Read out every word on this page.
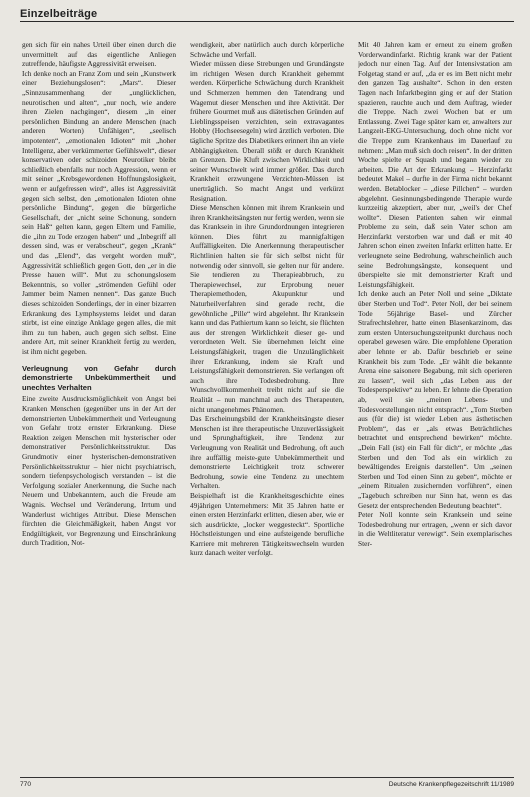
Einzelbeiträge

gen sich für ein nahes Urteil über einen durch die unvermittelt auf das eigentliche Anliegen zutreffende, häufigste Aggressivität erweisen.

Ich denke noch an Franz Zorn und sein „Kunstwerk einer Beziehungslosen“: „Mars“. Dieser „Sinnzusammenhang der „unglücklichen, neurotischen und alten“, „nur noch, wie andere ihren Zielen nachgingen“, diesem „in einer persönlichen Bindung an andere Menschen (nach anderen Worten) Unfähigen“, „seelisch impotenten“, „emotionalen Idioten“ mit „hoher Intelligenz, aber verkümmerter Gefühlswelt“, dieser konservativen oder schizoiden Neurotiker bleibt schließlich ebenfalls nur noch Aggression, wenn er mit seiner „Krebsgewordenen Hoffnungslosigkeit, wenn er aufgefressen wird“, alles ist Aggressivität gegen sich selbst, den „emotionalen Idioten ohne persönliche Bindung“, gegen die bürgerliche Gesellschaft, der „nicht seine Schonung, sondern sein Haß“ gelten kann, gegen Eltern und Familie, die „ihn zu Tode erzogen haben“ und „Inbegriff all dessen sind, was er verabscheut“, gegen „Krank“ und das „Elend“, das vergeht worden muß“, Aggressivität schließlich gegen Gott, den „er in die Presse hauen will“. Mut zu schonungslosem Bekenntnis, so voller „strömenden Gefühl oder Jammer beim Namen nennen“. Das ganze Buch dieses schizoiden Sonderlings, der in einer bizarren Erkrankung des Lymphsystems leidet und daran stirbt, ist eine einzige Anklage gegen alles, die mit ihm zu tun haben, auch gegen sich selbst. Eine andere Art, mit seiner Krankheit fertig zu werden, ist ihm nicht gegeben.

Verleugnung von Gefahr durch demonstrierte Unbekümmertheit und unechtes Verhalten

Eine zweite Ausdrucksmöglichkeit von Angst bei Kranken Menschen (gegenüber uns in der Art der demonstrierten Unbekümmertheit und Verleugnung von Gefahr trotz ernster Erkrankung. Diese Reaktion zeigen Menschen mit hysterischer oder demonstrativer Persönlichkeitsstruktur. Das Grundmotiv einer hysterischen-demonstrativen Persönlichkeitsstruktur – hier nicht psychiatrisch, sondern tiefenpsychologisch verstanden – ist die Verfolgung sozialer Anerkennung, die Suche nach Neuem und Unbekanntem, auch die Freude am Wagnis. Wechsel und Veränderung, Irrtum und Wanderlust wichtiges Attribut. Diese Menschen fürchten die Gleichmäßigkeit, haben Angst vor Endgültigkeit, vor Begrenzung und Einschränkung durch Tradition, Not-

wendigkeit, aber natürlich auch durch körperliche Schwäche und Verfall.

Wieder müssen diese Strebungen und Grundängste im richtigen Wesen durch Krankheit gehemmt werden. Körperliche Schwächung durch Krankheit und Schmerzen hemmen den Tatendrang und Wagemut dieser Menschen und ihre Aktivität. Der frühere Gourmet muß aus diätetischen Gründen auf Lieblingsspeisen verzichten, sein extravagantes Hobby (Hochseesegeln) wird ärztlich verboten. Die tägliche Spritze des Diabetikers erinnert ihn an viele Abhängigkeiten. Überall stößt er durch Krankheit an Grenzen. Die Kluft zwischen Wirklichkeit und seiner Wunschwelt wird immer größer. Das durch Krankheit erzwungene Verzichten-Müssen ist unerträglich. So macht Angst und verkürzt Resignation.

Diese Menschen können mit ihrem Kranksein und ihren Krankheitsängsten nur fertig werden, wenn sie das Kranksein in ihre Grundordnungen integrieren können. Dies führt zu mannigfaltigen Auffälligkeiten. Die Anerkennung therapeutischer Richtlinien halten sie für sich selbst nicht für notwendig oder sinnvoll, sie gelten nur für andere. Sie tendieren zu Therapieabbruch, zu Therapiewechsel, zur Erprobung neuer Therapiemethoden, Akupunktur und Naturheilverfahren sind gerade recht, die gewöhnliche „Pille“ wird abgelehnt. Ihr Kranksein kann und das Pathiertum kann so leicht, sie flüchten aus der strengen Wirklichkeit dieser ge- und verordneten Welt. Sie übernehmen leicht eine Leistungsfähigkeit, tragen die Unzulänglichkeit ihrer Erkrankung, indem sie Kraft und Leistungsfähigkeit demonstrieren. Sie verlangen oft auch ihre Todesbedrohung. Ihre Wunschvollkommenheit treibt nicht auf sie die Realität – nun manchmal auch des Therapeuten, nicht unangenehmes Phänomen.

Das Erscheinungsbild der Krankheitsängste dieser Menschen ist ihre therapeutische Unzuverlässigkeit und Sprunghaftigkeit, ihre Tendenz zur Verleugnung von Realität und Bedrohung, oft auch ihre auffällig meiste-gute Unbekümmertheit und demonstrierte Leichtigkeit trotz schwerer Bedrohung, sowie eine Tendenz zu unechtem Verhalten.

Beispielhaft ist die Krankheitsgeschichte eines 49jährigen Unternehmers: Mit 35 Jahren hatte er einen ersten Herzinfarkt erlitten, diesen aber, wie er sich ausdrückte, „locker weggesteckt“. Sportliche Höchstleistungen und eine aufsteigende berufliche Karriere mit mehreren Tätigkeitswechseln wurden kurz danach weiter verfolgt.

Mit 40 Jahren kam er erneut zu einem großen Vorderwandinfarkt. Richtig krank war der Patient jedoch nur einen Tag. Auf der Intensivstation am Folgetag stand er auf, „da er es im Bett nicht mehr den ganzen Tag aushalte“. Schon in den ersten Tagen nach Infarktbeginn ging er auf der Station spazieren, rauchte auch und dem Auftrag, wieder die Treppe. Nach zwei Wochen bat er um Entlassung. Zwei Tage später kam er, anwalters zur Langzeit-EKG-Untersuchung, doch ohne nicht vor die Treppe zum Krankenhaus im Dauerlauf zu nehmen: „Man muß sich doch reisen“. In der dritten Woche spielte er Squash und begann wieder zu arbeiten. Die Art der Erkrankung – Herzinfarkt bedeutet Makel – durfte in der Firma nicht bekannt werden. Betablocker – „diese Pillchen“ – wurden abgelehnt. Gesinnungsbedingende Therapie wurde kurzzeitig akzeptiert, aber nur, „weil's der Chef wollte“. Diesen Patienten sahen wir einmal Probleme zu sein, daß sein Vater schon am Herzinfarkt verstorben war und daß er mit 40 Jahren schon einen zweiten Infarkt erlitten hatte. Er verleugnete seine Bedrohung, wahrscheinlich auch seine Bedrohungsängste, konsequent und überspielte sie mit demonstrierter Kraft und Leistungsfähigkeit.

Ich denke auch an Peter Noll und seine „Diktate über Sterben und Tod“. Peter Noll, der bei seinem Tode 56jährige Basel- und Zürcher Strafrechtslehrer, hatte einen Blasenkarzinom, das zum ersten Untersuchungszeitpunkt durchaus noch operabel gewesen wäre. Die empfohlene Operation aber lehnte er ab. Dafür beschrieb er seine Krankheit bis zum Tode. „Er wählt die bekannte Arena eine saisonere Begabung, mit sich operieren zu lassen“, weil sich „das Leben aus der Todesperspektive“ zu leben. Er lehnte die Operation ab, weil sie „meinen Lebens- und Todesvorstellungen nicht entsprach“. „Tom Sterben aus (für die) ist wieder Leben aus ästhetischen Problem“, das er „als etwas Beträchtliches betrachtet und entsprechend bewirken“ möchte. „Dein Fall (ist) ein Fall für dich“, er möchte „das Sterben und den Tod als ein wirklich zu bewältigendes Ereignis darstellen“. Um „seinen Sterben und Tod einen Sinn zu geben“, möchte er „einem Ritualen zusichernden vorführen“, einen „Tagebuch schreiben nur Sinn hat, wenn es das Gesetz der entsprechenden Bedeutung beachtet“.

Peter Noll konnte sein Kranksein und seine Todesbedrohung nur ertragen, „wenn er sich davor in die Weltliteratur verewigt“. Sein exemplarisches Ster-

770	Deutsche Krankenpflegezeitschrift 11/1989
